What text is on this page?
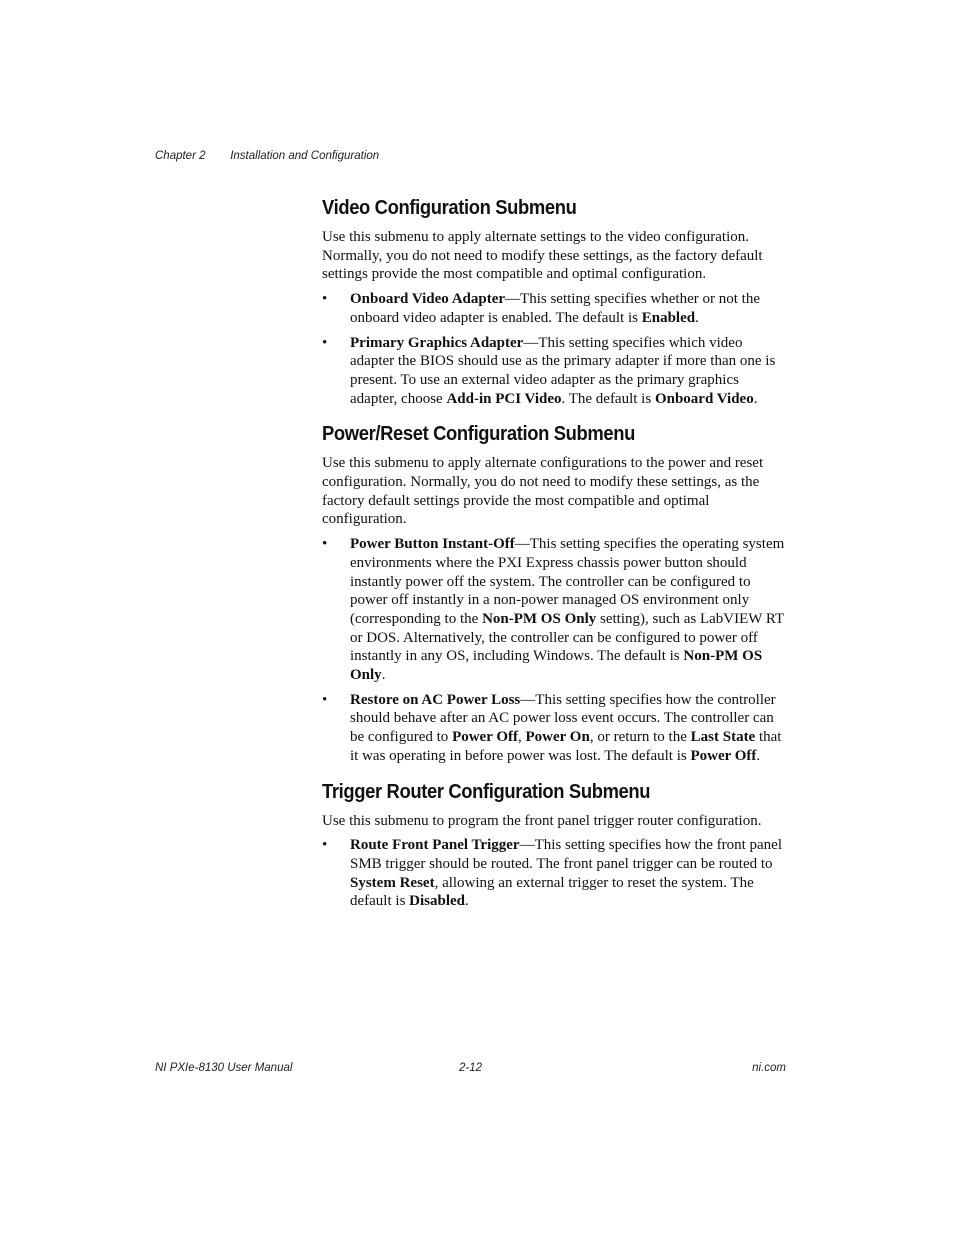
Chapter 2 Installation and Configuration
Video Configuration Submenu

Use this submenu to apply alternate settings to the video configuration. Normally, you do not need to modify these settings, as the factory default settings provide the most compatible and optimal configuration.

• Onboard Video Adapter—This setting specifies whether or not the onboard video adapter is enabled. The default is Enabled.
• Primary Graphics Adapter—This setting specifies which video adapter the BIOS should use as the primary adapter if more than one is present. To use an external video adapter as the primary graphics adapter, choose Add-in PCI Video. The default is Onboard Video.
Power/Reset Configuration Submenu

Use this submenu to apply alternate configurations to the power and reset configuration. Normally, you do not need to modify these settings, as the factory default settings provide the most compatible and optimal configuration.

• Power Button Instant-Off—This setting specifies the operating system environments where the PXI Express chassis power button should instantly power off the system. The controller can be configured to power off instantly in a non-power managed OS environment only (corresponding to the Non-PM OS Only setting), such as LabVIEW RT or DOS. Alternatively, the controller can be configured to power off instantly in any OS, including Windows. The default is Non-PM OS Only.
• Restore on AC Power Loss—This setting specifies how the controller should behave after an AC power loss event occurs. The controller can be configured to Power Off, Power On, or return to the Last State that it was operating in before power was lost. The default is Power Off.
Trigger Router Configuration Submenu

Use this submenu to program the front panel trigger router configuration.

• Route Front Panel Trigger—This setting specifies how the front panel SMB trigger should be routed. The front panel trigger can be routed to System Reset, allowing an external trigger to reset the system. The default is Disabled.
NI PXIe-8130 User Manual	2-12	ni.com
